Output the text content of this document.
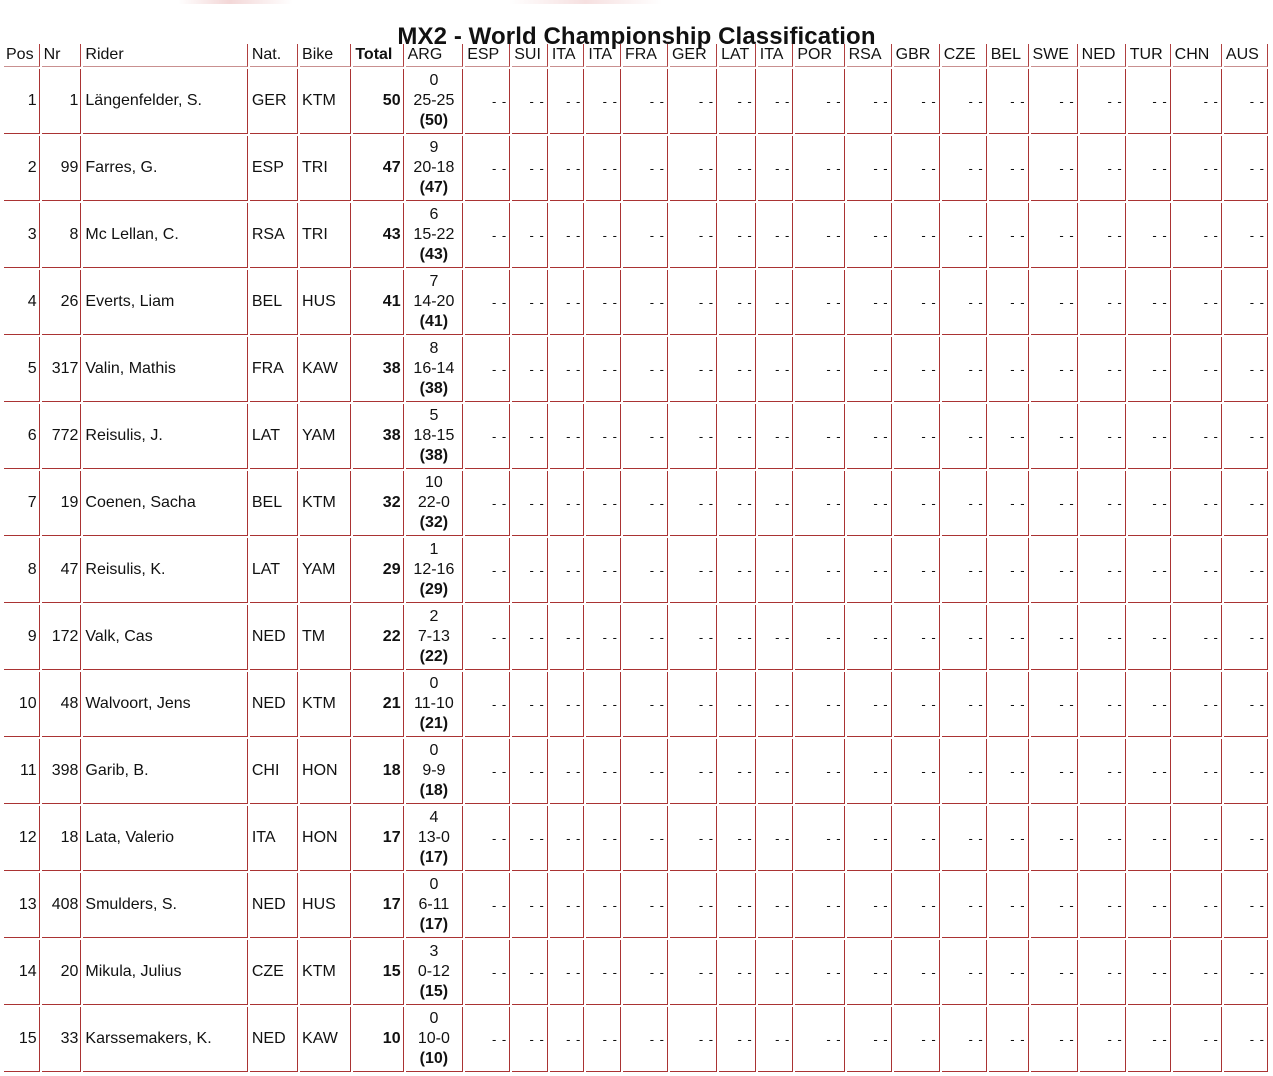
MX2 - World Championship Classification
Pos	Nr	Rider	Nat.	Bike	Total	ARG	ESP	SUI	ITA	ITA	FRA	GER	LAT	ITA	POR	RSA	GBR	CZE	BEL	SWE	NED	TUR	CHN	AUS
1	1	Längenfelder, S.	GER	KTM	50	0
25-25
(50)	- -	- -	- -	- -	- -	- -	- -	- -	- -	- -	- -	- -	- -	- -	- -	- -	- -	- -
2	99	Farres, G.	ESP	TRI	47	9
20-18
(47)	- -	- -	- -	- -	- -	- -	- -	- -	- -	- -	- -	- -	- -	- -	- -	- -	- -	- -
3	8	Mc Lellan, C.	RSA	TRI	43	6
15-22
(43)	- -	- -	- -	- -	- -	- -	- -	- -	- -	- -	- -	- -	- -	- -	- -	- -	- -	- -
4	26	Everts, Liam	BEL	HUS	41	7
14-20
(41)	- -	- -	- -	- -	- -	- -	- -	- -	- -	- -	- -	- -	- -	- -	- -	- -	- -	- -
5	317	Valin, Mathis	FRA	KAW	38	8
16-14
(38)	- -	- -	- -	- -	- -	- -	- -	- -	- -	- -	- -	- -	- -	- -	- -	- -	- -	- -
6	772	Reisulis, J.	LAT	YAM	38	5
18-15
(38)	- -	- -	- -	- -	- -	- -	- -	- -	- -	- -	- -	- -	- -	- -	- -	- -	- -	- -
7	19	Coenen, Sacha	BEL	KTM	32	10
22-0
(32)	- -	- -	- -	- -	- -	- -	- -	- -	- -	- -	- -	- -	- -	- -	- -	- -	- -	- -
8	47	Reisulis, K.	LAT	YAM	29	1
12-16
(29)	- -	- -	- -	- -	- -	- -	- -	- -	- -	- -	- -	- -	- -	- -	- -	- -	- -	- -
9	172	Valk, Cas	NED	TM	22	2
7-13
(22)	- -	- -	- -	- -	- -	- -	- -	- -	- -	- -	- -	- -	- -	- -	- -	- -	- -	- -
10	48	Walvoort, Jens	NED	KTM	21	0
11-10
(21)	- -	- -	- -	- -	- -	- -	- -	- -	- -	- -	- -	- -	- -	- -	- -	- -	- -	- -
11	398	Garib, B.	CHI	HON	18	0
9-9
(18)	- -	- -	- -	- -	- -	- -	- -	- -	- -	- -	- -	- -	- -	- -	- -	- -	- -	- -
12	18	Lata, Valerio	ITA	HON	17	4
13-0
(17)	- -	- -	- -	- -	- -	- -	- -	- -	- -	- -	- -	- -	- -	- -	- -	- -	- -	- -
13	408	Smulders, S.	NED	HUS	17	0
6-11
(17)	- -	- -	- -	- -	- -	- -	- -	- -	- -	- -	- -	- -	- -	- -	- -	- -	- -	- -
14	20	Mikula, Julius	CZE	KTM	15	3
0-12
(15)	- -	- -	- -	- -	- -	- -	- -	- -	- -	- -	- -	- -	- -	- -	- -	- -	- -	- -
15	33	Karssemakers, K.	NED	KAW	10	0
10-0
(10)	- -	- -	- -	- -	- -	- -	- -	- -	- -	- -	- -	- -	- -	- -	- -	- -	- -	- -
